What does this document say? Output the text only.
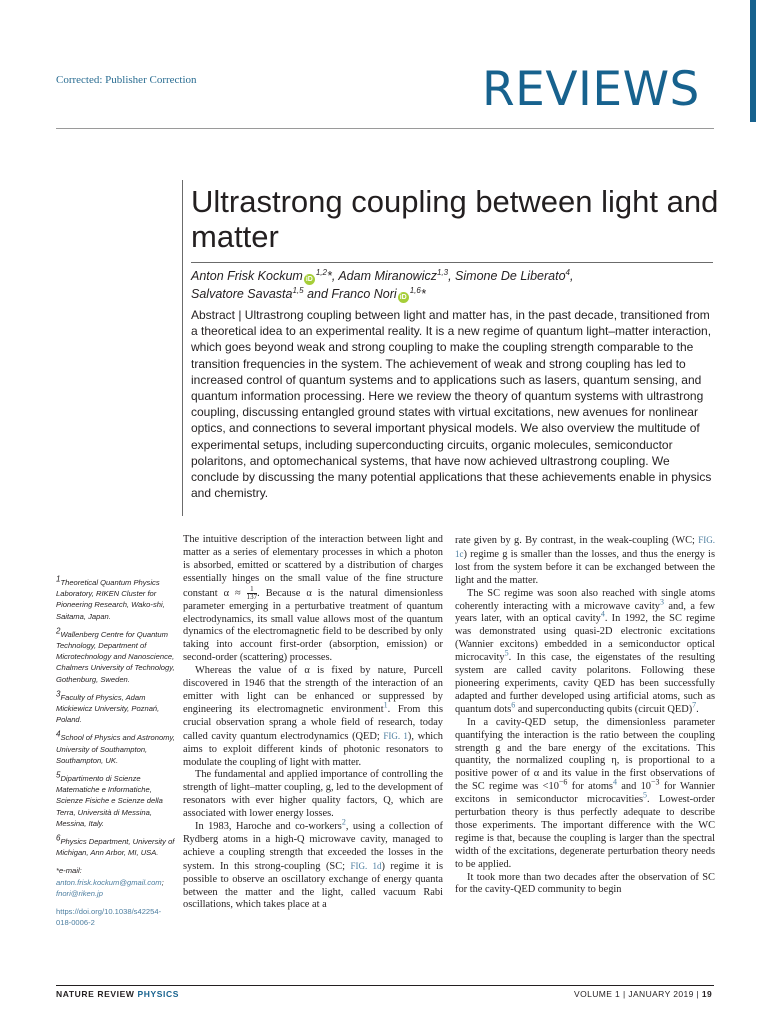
Corrected: Publisher Correction	REVIEWS
Ultrastrong coupling between light and matter
Anton Frisk Kockum iD$^{1,2}$*, Adam Miranowicz$^{1,3}$, Simone De Liberato$^4$,
Salvatore Savasta$^{1,5}$ and Franco Nori iD$^{1,6}$*
Abstract | Ultrastrong coupling between light and matter has, in the past decade, transitioned from a theoretical idea to an experimental reality. It is a new regime of quantum light–matter interaction, which goes beyond weak and strong coupling to make the coupling strength comparable to the transition frequencies in the system. The achievement of weak and strong coupling has led to increased control of quantum systems and to applications such as lasers, quantum sensing, and quantum information processing. Here we review the theory of quantum systems with ultrastrong coupling, discussing entangled ground states with virtual excitations, new avenues for nonlinear optics, and connections to several important physical models. We also overview the multitude of experimental setups, including superconducting circuits, organic molecules, semiconductor polaritons, and optomechanical systems, that have now achieved ultrastrong coupling. We conclude by discussing the many potential applications that these achievements enable in physics and chemistry.

$^1$Theoretical Quantum Physics Laboratory, RIKEN Cluster for Pioneering Research, Wako-shi, Saitama, Japan.

$^2$Wallenberg Centre for Quantum Technology, Department of Microtechnology and Nanoscience, Chalmers University of Technology, Gothenburg, Sweden.

$^3$Faculty of Physics, Adam Mickiewicz University, Poznań, Poland.

$^4$School of Physics and Astronomy, University of Southampton, Southampton, UK.

$^5$Dipartimento di Scienze Matematiche e Informatiche, Scienze Fisiche e Scienze della Terra, Università di Messina, Messina, Italy.

$^6$Physics Department, University of Michigan, Ann Arbor, MI, USA.

*e-mail: anton.frisk.kockum@gmail.com; fnori@riken.jp

https://doi.org/10.1038/s42254-018-0006-2

The intuitive description of the interaction between light and matter as a series of elementary processes in which a photon is absorbed, emitted or scattered by a distribution of charges essentially hinges on the small value of the fine structure constant $\alpha \approx \frac{1}{137}$ . Because α is the natural dimensionless parameter emerging in a perturbative treatment of quantum electrodynamics, its small value allows most of the quantum dynamics of the electromagnetic field to be described by only taking into account first-order (absorption, emission) or second-order (scattering) processes.

Whereas the value of α is fixed by nature, Purcell discovered in 1946 that the strength of the interaction of an emitter with light can be enhanced or suppressed by engineering its electromagnetic environment$^1$. From this crucial observation sprang a whole field of research, today called cavity quantum electrodynamics (QED; FIG. 1), which aims to exploit different kinds of photonic resonators to modulate the coupling of light with matter.

The fundamental and applied importance of controlling the strength of light–matter coupling, g, led to the development of resonators with ever higher quality factors, Q, which are associated with lower energy losses.

In 1983, Haroche and co-workers$^2$, using a collection of Rydberg atoms in a high-Q microwave cavity, managed to achieve a coupling strength that exceeded the losses in the system. In this strong-coupling (SC; FIG. 1d) regime it is possible to observe an oscillatory exchange of energy quanta between the matter and the light, called vacuum Rabi oscillations, which takes place at a

rate given by g. By contrast, in the weak-coupling (WC; FIG. 1c) regime g is smaller than the losses, and thus the energy is lost from the system before it can be exchanged between the light and the matter.

The SC regime was soon also reached with single atoms coherently interacting with a microwave cavity$^3$ and, a few years later, with an optical cavity$^4$. In 1992, the SC regime was demonstrated using quasi-2D electronic excitations (Wannier excitons) embedded in a semiconductor optical microcavity$^5$. In this case, the eigenstates of the resulting system are called cavity polaritons. Following these pioneering experiments, cavity QED has been successfully adapted and further developed using artificial atoms, such as quantum dots$^6$ and superconducting qubits (circuit QED)$^7$.

In a cavity-QED setup, the dimensionless parameter quantifying the interaction is the ratio between the coupling strength g and the bare energy of the excitations. This quantity, the normalized coupling η, is proportional to a positive power of α and its value in the first observations of the SC regime was $<10^{-6}$ for atoms$^4$ and $10^{-3}$ for Wannier excitons in semiconductor microcavities$^5$. Lowest-order perturbation theory is thus perfectly adequate to describe those experiments. The important difference with the WC regime is that, because the coupling is larger than the spectral width of the excitations, degenerate perturbation theory needs to be applied.

It took more than two decades after the observation of SC for the cavity-QED community to begin

NATURE REVIEW PHYSICS	VOLUME 1 | JANUARY 2019 | 19
